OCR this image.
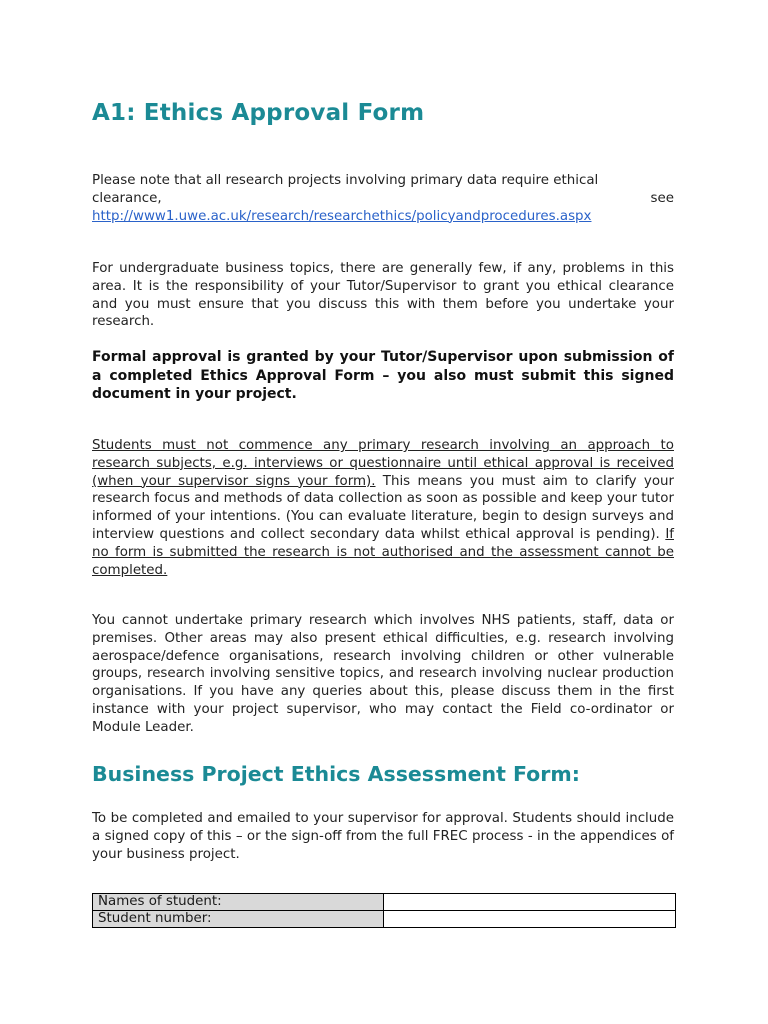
A1: Ethics Approval Form
Please note that all research projects involving primary data require ethical
clearance,	see
http://www1.uwe.ac.uk/research/researchethics/policyandprocedures.aspx

For undergraduate business topics, there are generally few, if any, problems in this area. It is the responsibility of your Tutor/Supervisor to grant you ethical clearance and you must ensure that you discuss this with them before you undertake your research.

Formal approval is granted by your Tutor/Supervisor upon submission of a completed Ethics Approval Form – you also must submit this signed document in your project.

Students must not commence any primary research involving an approach to research subjects, e.g. interviews or questionnaire until ethical approval is received (when your supervisor signs your form). This means you must aim to clarify your research focus and methods of data collection as soon as possible and keep your tutor informed of your intentions. (You can evaluate literature, begin to design surveys and interview questions and collect secondary data whilst ethical approval is pending). If no form is submitted the research is not authorised and the assessment cannot be completed.

You cannot undertake primary research which involves NHS patients, staff, data or premises. Other areas may also present ethical difficulties, e.g. research involving aerospace/defence organisations, research involving children or other vulnerable groups, research involving sensitive topics, and research involving nuclear production organisations. If you have any queries about this, please discuss them in the first instance with your project supervisor, who may contact the Field co-ordinator or Module Leader.

Business Project Ethics Assessment Form:

To be completed and emailed to your supervisor for approval. Students should include a signed copy of this – or the sign-off from the full FREC process - in the appendices of your business project.

Names of student:	
Student number:	
